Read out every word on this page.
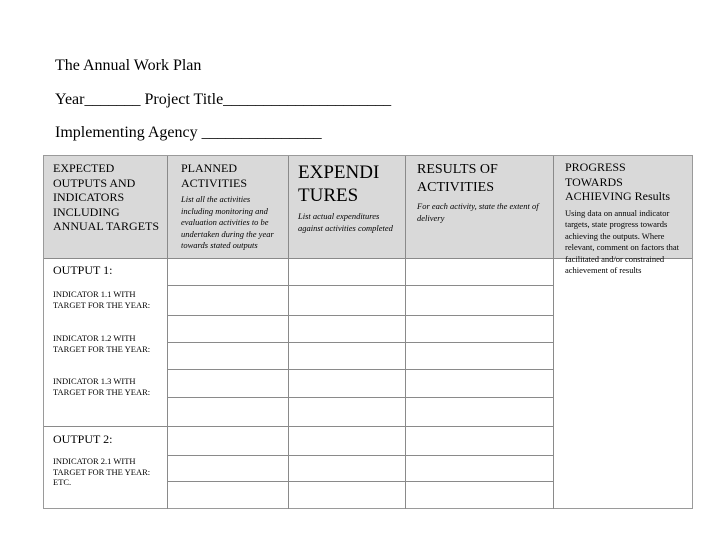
The Annual Work Plan
Year_______ Project Title_____________________
Implementing Agency _______________
EXPECTED OUTPUTS AND INDICATORS INCLUDING ANNUAL TARGETS
PLANNED ACTIVITIES
List all the activities including monitoring and evaluation activities to be undertaken during the year towards stated outputs
EXPENDI TURES
List actual expenditures against activities completed
RESULTS OF ACTIVITIES
For each activity, state the extent of delivery
PROGRESS TOWARDS ACHIEVING Results
Using data on annual indicator targets, state progress towards achieving the outputs. Where relevant, comment on factors that facilitated and/or constrained achievement of results
OUTPUT 1:
INDICATOR 1.1 WITH TARGET FOR THE YEAR:
INDICATOR 1.2 WITH TARGET FOR THE YEAR:
INDICATOR 1.3 WITH TARGET FOR THE YEAR:
OUTPUT 2:
INDICATOR 2.1 WITH TARGET FOR THE YEAR: ETC.
